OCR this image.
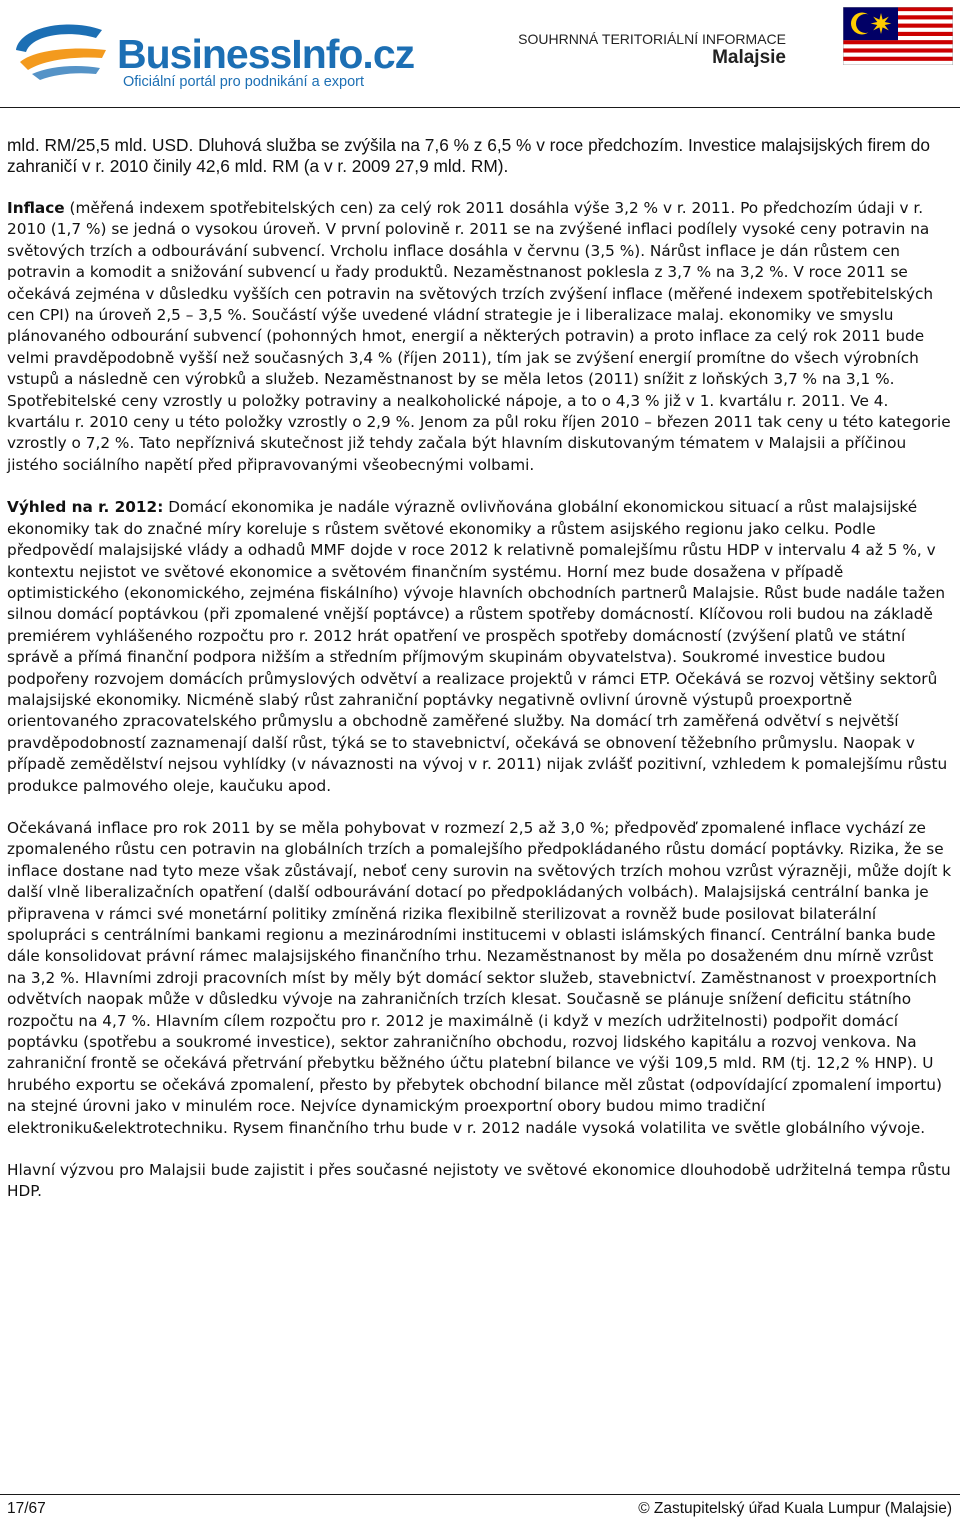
BusinessInfo.cz
Oficiální portál pro podnikání a export
SOUHRNNÁ TERITORIÁLNÍ INFORMACE
Malajsie

mld. RM/25,5 mld. USD. Dluhová služba se zvýšila na 7,6 % z 6,5 % v roce předchozím. Investice malajsijských firem do zahraničí v r. 2010 činily 42,6 mld. RM (a v r. 2009 27,9 mld. RM).

Inflace (měřená indexem spotřebitelských cen) za celý rok 2011 dosáhla výše 3,2 % v r. 2011. Po předchozím údaji v r. 2010 (1,7 %) se jedná o vysokou úroveň. V první polovině r. 2011 se na zvýšené inflaci podílely vysoké ceny potravin na světových trzích a odbourávání subvencí. Vrcholu inflace dosáhla v červnu (3,5 %). Nárůst inflace je dán růstem cen potravin a komodit a snižování subvencí u řady produktů. Nezaměstnanost poklesla z 3,7 % na 3,2 %. V roce 2011 se očekává zejména v důsledku vyšších cen potravin na světových trzích zvýšení inflace (měřené indexem spotřebitelských cen CPI) na úroveň 2,5 – 3,5 %. Součástí výše uvedené vládní strategie je i liberalizace malaj. ekonomiky ve smyslu plánovaného odbourání subvencí (pohonných hmot, energií a některých potravin) a proto inflace za celý rok 2011 bude velmi pravděpodobně vyšší než současných 3,4 % (říjen 2011), tím jak se zvýšení energií promítne do všech výrobních vstupů a následně cen výrobků a služeb. Nezaměstnanost by se měla letos (2011) snížit z loňských 3,7 % na 3,1 %. Spotřebitelské ceny vzrostly u položky potraviny a nealkoholické nápoje, a to o 4,3 % již v 1. kvartálu r. 2011. Ve 4. kvartálu r. 2010 ceny u této položky vzrostly o 2,9 %. Jenom za půl roku říjen 2010 – březen 2011 tak ceny u této kategorie vzrostly o 7,2 %. Tato nepříznivá skutečnost již tehdy začala být hlavním diskutovaným tématem v Malajsii a příčinou jistého sociálního napětí před připravovanými všeobecnými volbami.

Výhled na r. 2012: Domácí ekonomika je nadále výrazně ovlivňována globální ekonomickou situací a růst malajsijské ekonomiky tak do značné míry koreluje s růstem světové ekonomiky a růstem asijského regionu jako celku. Podle předpovědí malajsijské vlády a odhadů MMF dojde v roce 2012 k relativně pomalejšímu růstu HDP v intervalu 4 až 5 %, v kontextu nejistot ve světové ekonomice a světovém finančním systému. Horní mez bude dosažena v případě optimistického (ekonomického, zejména fiskálního) vývoje hlavních obchodních partnerů Malajsie. Růst bude nadále tažen silnou domácí poptávkou (při zpomalené vnější poptávce) a růstem spotřeby domácností. Klíčovou roli budou na základě premiérem vyhlášeného rozpočtu pro r. 2012 hrát opatření ve prospěch spotřeby domácností (zvýšení platů ve státní správě a přímá finanční podpora nižším a středním příjmovým skupinám obyvatelstva). Soukromé investice budou podpořeny rozvojem domácích průmyslových odvětví a realizace projektů v rámci ETP. Očekává se rozvoj většiny sektorů malajsijské ekonomiky. Nicméně slabý růst zahraniční poptávky negativně ovlivní úrovně výstupů proexportně orientovaného zpracovatelského průmyslu a obchodně zaměřené služby. Na domácí trh zaměřená odvětví s největší pravděpodobností zaznamenají další růst, týká se to stavebnictví, očekává se obnovení těžebního průmyslu. Naopak v případě zemědělství nejsou vyhlídky (v návaznosti na vývoj v r. 2011) nijak zvlášť pozitivní, vzhledem k pomalejšímu růstu produkce palmového oleje, kaučuku apod.

Očekávaná inflace pro rok 2011 by se měla pohybovat v rozmezí 2,5 až 3,0 %; předpověď zpomalené inflace vychází ze zpomaleného růstu cen potravin na globálních trzích a pomalejšího předpokládaného růstu domácí poptávky. Rizika, že se inflace dostane nad tyto meze však zůstávají, neboť ceny surovin na světových trzích mohou vzrůst výrazněji, může dojít k další vlně liberalizačních opatření (další odbourávání dotací po předpokládaných volbách). Malajsijská centrální banka je připravena v rámci své monetární politiky zmíněná rizika flexibilně sterilizovat a rovněž bude posilovat bilaterální spolupráci s centrálními bankami regionu a mezinárodními institucemi v oblasti islámských financí. Centrální banka bude dále konsolidovat právní rámec malajsijského finančního trhu. Nezaměstnanost by měla po dosaženém dnu mírně vzrůst na 3,2 %. Hlavními zdroji pracovních míst by měly být domácí sektor služeb, stavebnictví. Zaměstnanost v proexportních odvětvích naopak může v důsledku vývoje na zahraničních trzích klesat. Současně se plánuje snížení deficitu státního rozpočtu na 4,7 %. Hlavním cílem rozpočtu pro r. 2012 je maximálně (i když v mezích udržitelnosti) podpořit domácí poptávku (spotřebu a soukromé investice), sektor zahraničního obchodu, rozvoj lidského kapitálu a rozvoj venkova. Na zahraniční frontě se očekává přetrvání přebytku běžného účtu platební bilance ve výši 109,5 mld. RM (tj. 12,2 % HNP). U hrubého exportu se očekává zpomalení, přesto by přebytek obchodní bilance měl zůstat (odpovídající zpomalení importu) na stejné úrovni jako v minulém roce. Nejvíce dynamickým proexportní obory budou mimo tradiční elektroniku&elektrotechniku. Rysem finančního trhu bude v r. 2012 nadále vysoká volatilita ve světle globálního vývoje.

Hlavní výzvou pro Malajsii bude zajistit i přes současné nejistoty ve světové ekonomice dlouhodobě udržitelná tempa růstu HDP.

17/67	© Zastupitelský úřad Kuala Lumpur (Malajsie)
